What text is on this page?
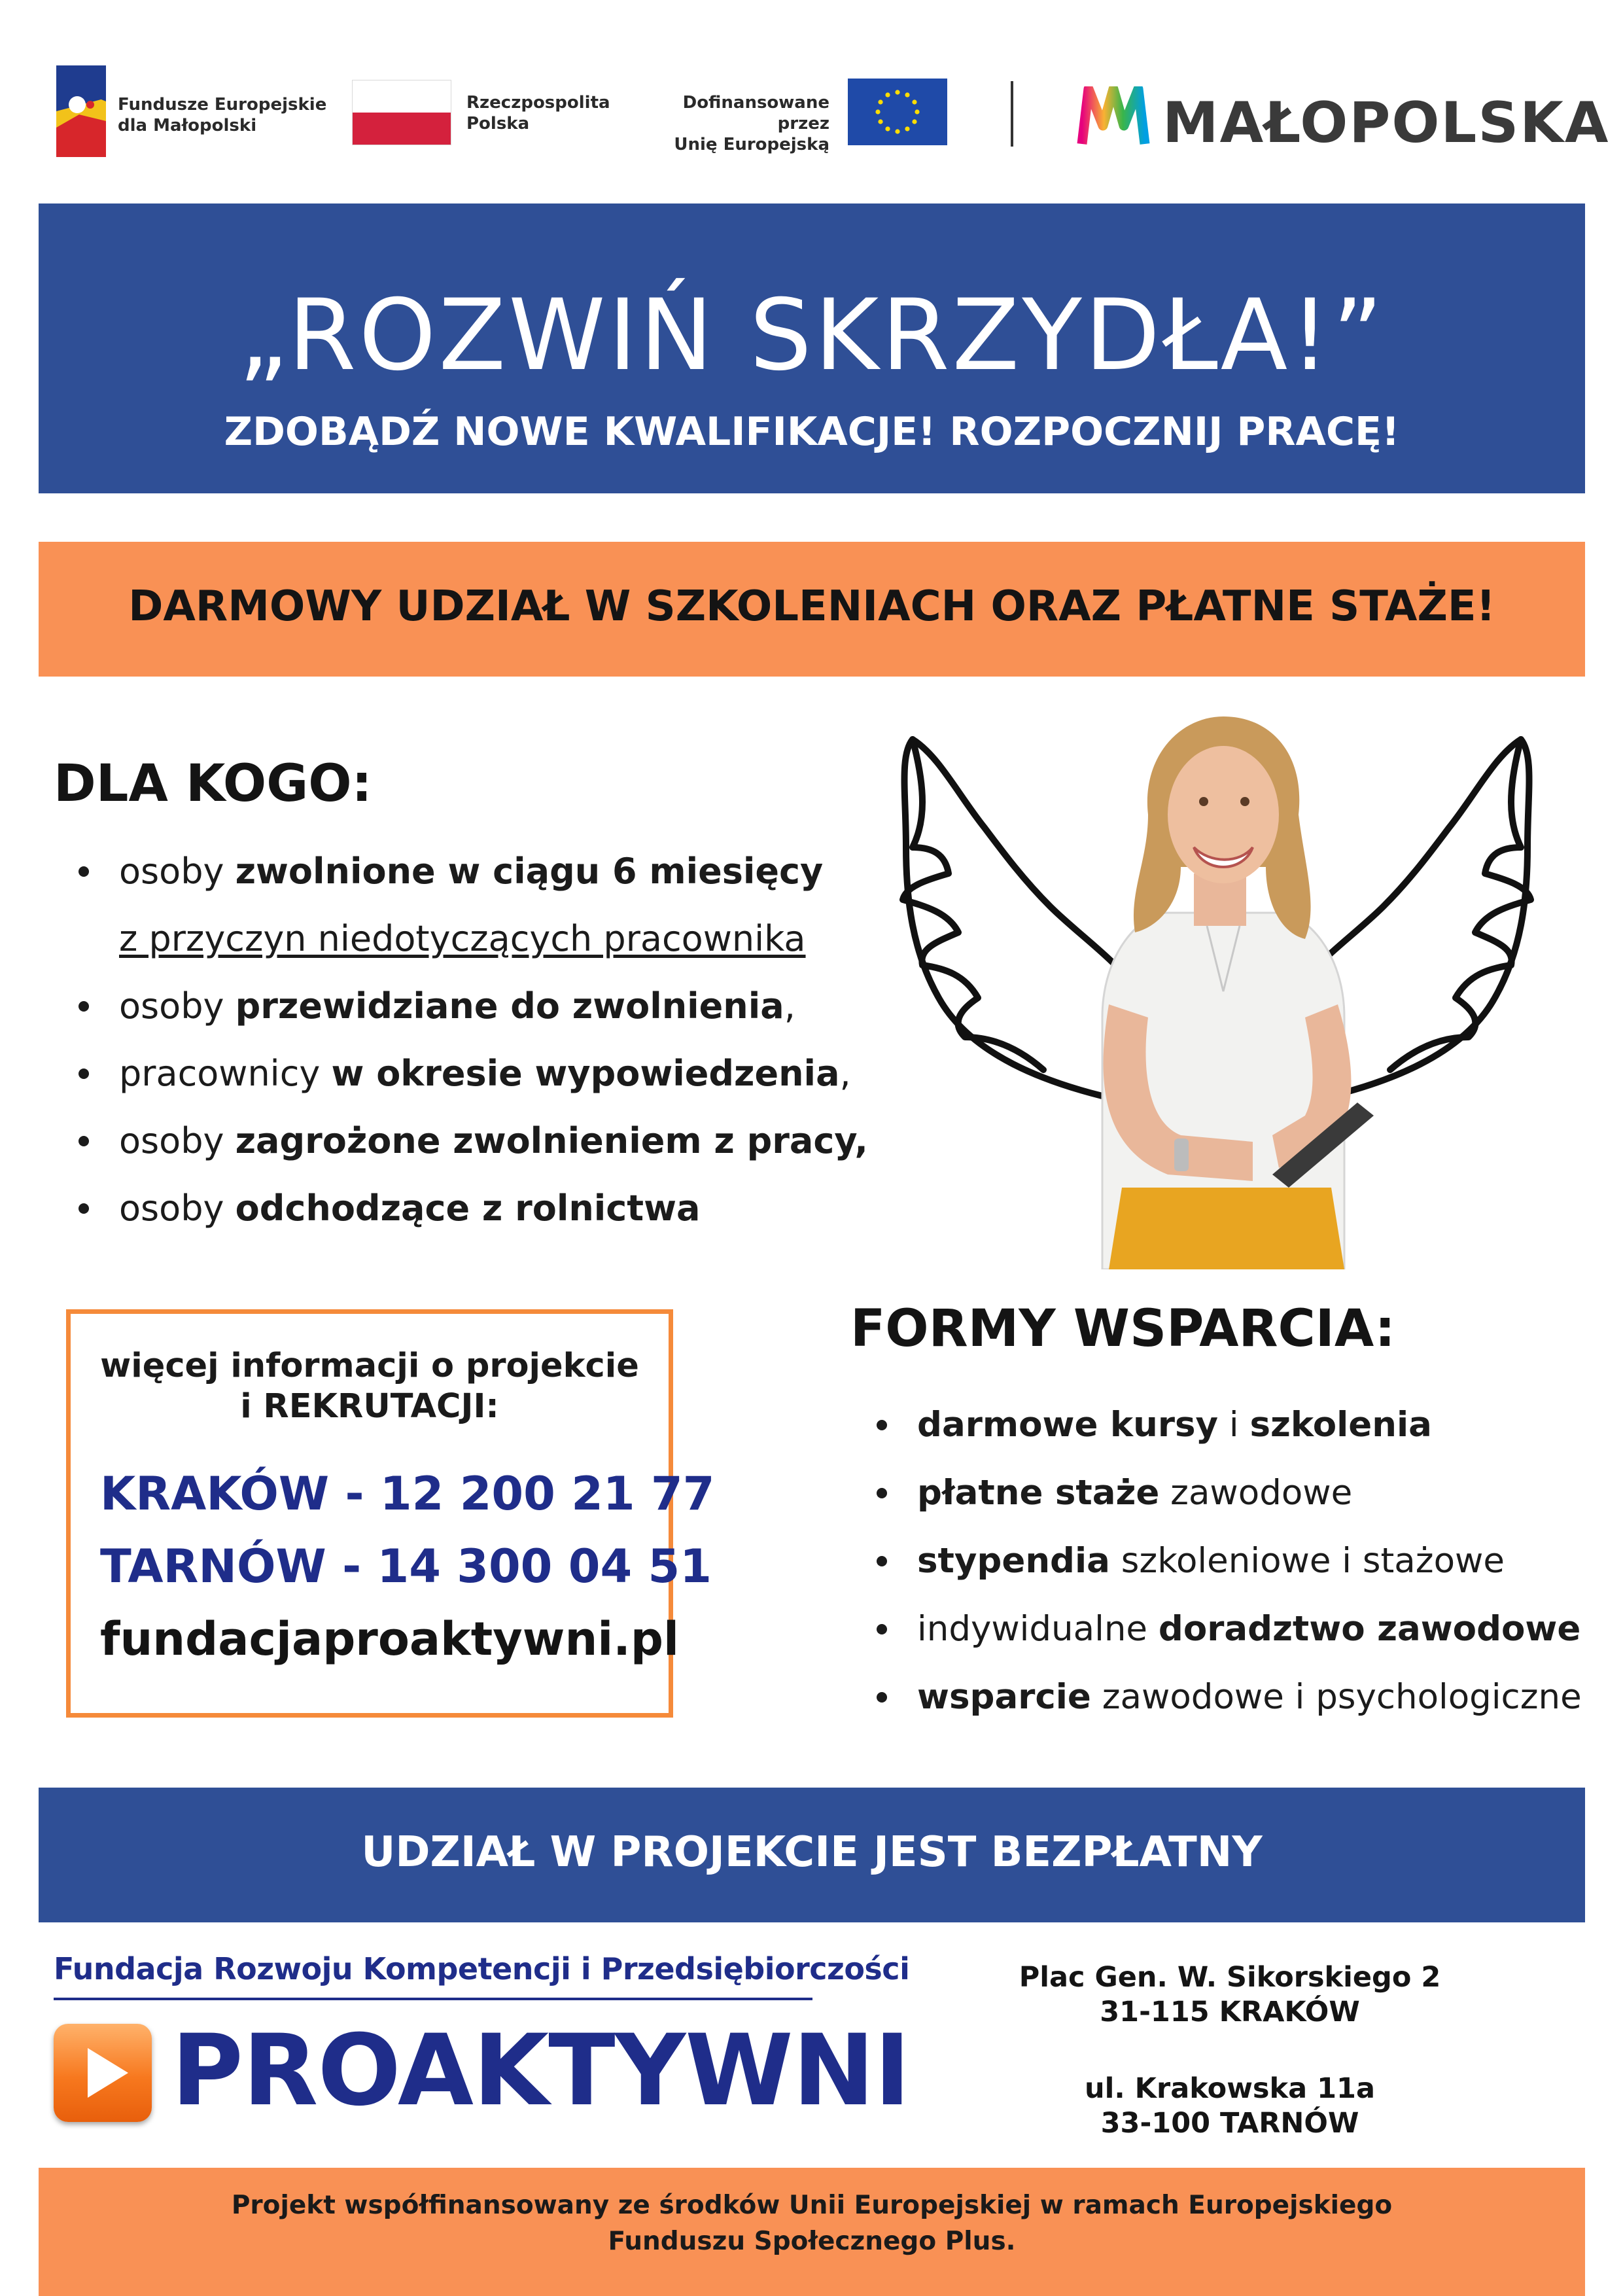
Fundusze Europejskie
dla Małopolski
Rzeczpospolita
Polska
Dofinansowane przez
Unię Europejską	MAŁOPOLSKA
„ROZWIŃ SKRZYDŁA!”
ZDOBĄDŹ NOWE KWALIFIKACJE! ROZPOCZNIJ PRACĘ!
DARMOWY UDZIAŁ W SZKOLENIACH ORAZ PŁATNE STAŻE!
DLA KOGO:
osoby zwolnione w ciągu 6 miesięcy
z przyczyn niedotyczących pracownika
osoby przewidziane do zwolnienia,
pracownicy w okresie wypowiedzenia,
osoby zagrożone zwolnieniem z pracy,
osoby odchodzące z rolnictwa
więcej informacji o projekcie
i REKRUTACJI:
KRAKÓW - 12 200 21 77
TARNÓW - 14 300 04 51
fundacjaproaktywni.pl
FORMY WSPARCIA:
darmowe kursy i szkolenia
płatne staże zawodowe
stypendia szkoleniowe i stażowe
indywidualne doradztwo zawodowe
wsparcie zawodowe i psychologiczne
UDZIAŁ W PROJEKCIE JEST BEZPŁATNY
Fundacja Rozwoju Kompetencji i Przedsiębiorczości
PROAKTYWNI
Plac Gen. W. Sikorskiego 2
31-115 KRAKÓW
ul. Krakowska 11a
33-100 TARNÓW
Projekt współfinansowany ze środków Unii Europejskiej w ramach Europejskiego
Funduszu Społecznego Plus.
